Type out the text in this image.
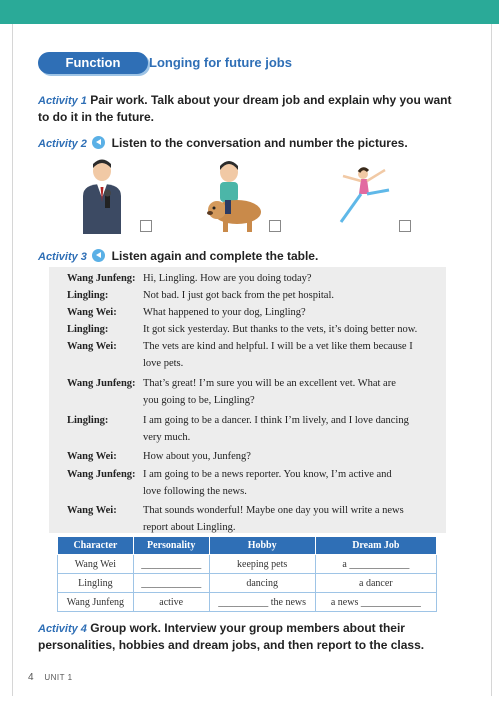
Function	Longing for future jobs
Activity 1 Pair work. Talk about your dream job and explain why you want to do it in the future.
Activity 2 Listen to the conversation and number the pictures.
Activity 3 Listen again and complete the table.
Wang Junfeng: Hi, Lingling. How are you doing today?
Lingling:	Not bad. I just got back from the pet hospital.
Wang Wei:	What happened to your dog, Lingling?
Lingling:	It got sick yesterday. But thanks to the vets, it’s doing better now.
Wang Wei:	The vets are kind and helpful. I will be a vet like them because I
love pets.
Wang Junfeng: That’s great! I’m sure you will be an excellent vet. What are
you going to be, Lingling?
Lingling:	I am going to be a dancer. I think I’m lively, and I love dancing
very much.
Wang Wei:	How about you, Junfeng?
Wang Junfeng: I am going to be a news reporter. You know, I’m active and
love following the news.
Wang Wei:	That sounds wonderful! Maybe one day you will write a news
report about Lingling.
Character	Personality	Hobby	Dream Job
Wang Wei	____________	keeping pets	a ____________
Lingling	____________	dancing	a dancer
Wang Junfeng	active	__________ the news	a news ____________
Activity 4 Group work. Interview your group members about their personalities, hobbies and dream jobs, and then report to the class.
4 UNIT 1
